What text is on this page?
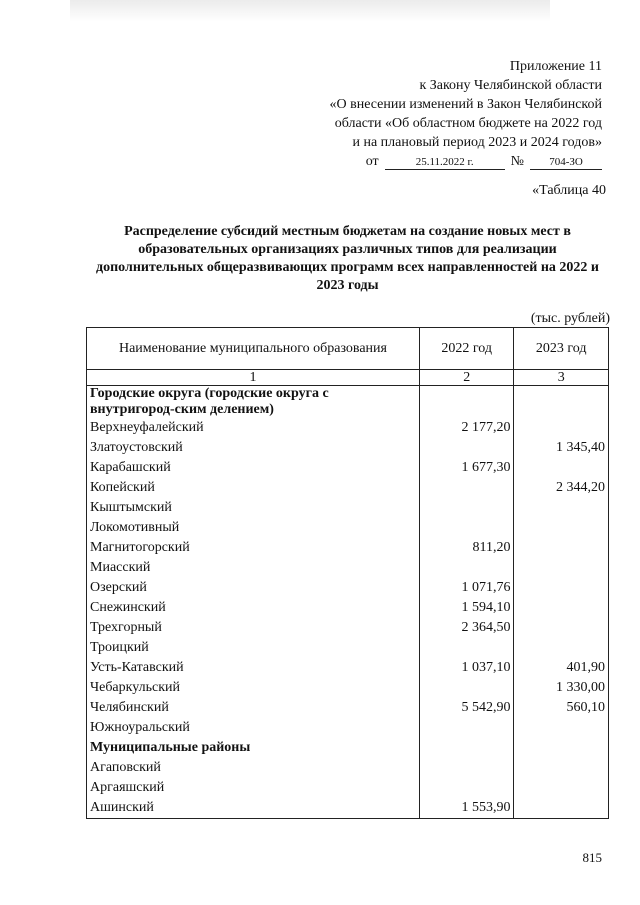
Приложение 11
к Закону Челябинской области
«О внесении изменений в Закон Челябинской
области «Об областном бюджете на 2022 год
и на плановый период 2023 и 2024 годов»
от	25.11.2022 г.	№	704-ЗО
«Таблица 40
Распределение субсидий местным бюджетам на создание новых мест в образовательных организациях различных типов для реализации дополнительных общеразвивающих программ всех направленностей на 2022 и 2023 годы
(тыс. рублей)
Наименование муниципального образования	2022 год	2023 год
1	2	3
Городские округа (городские округа с внутригород-ским делением)		
Верхнеуфалейский	2 177,20	
Златоустовский		1 345,40
Карабашский	1 677,30	
Копейский		2 344,20
Кыштымский		
Локомотивный		
Магнитогорский	811,20	
Миасский		
Озерский	1 071,76	
Снежинский	1 594,10	
Трехгорный	2 364,50	
Троицкий		
Усть-Катавский	1 037,10	401,90
Чебаркульский		1 330,00
Челябинский	5 542,90	560,10
Южноуральский		
Муниципальные районы		
Агаповский		
Аргаяшский		
Ашинский	1 553,90	
815
